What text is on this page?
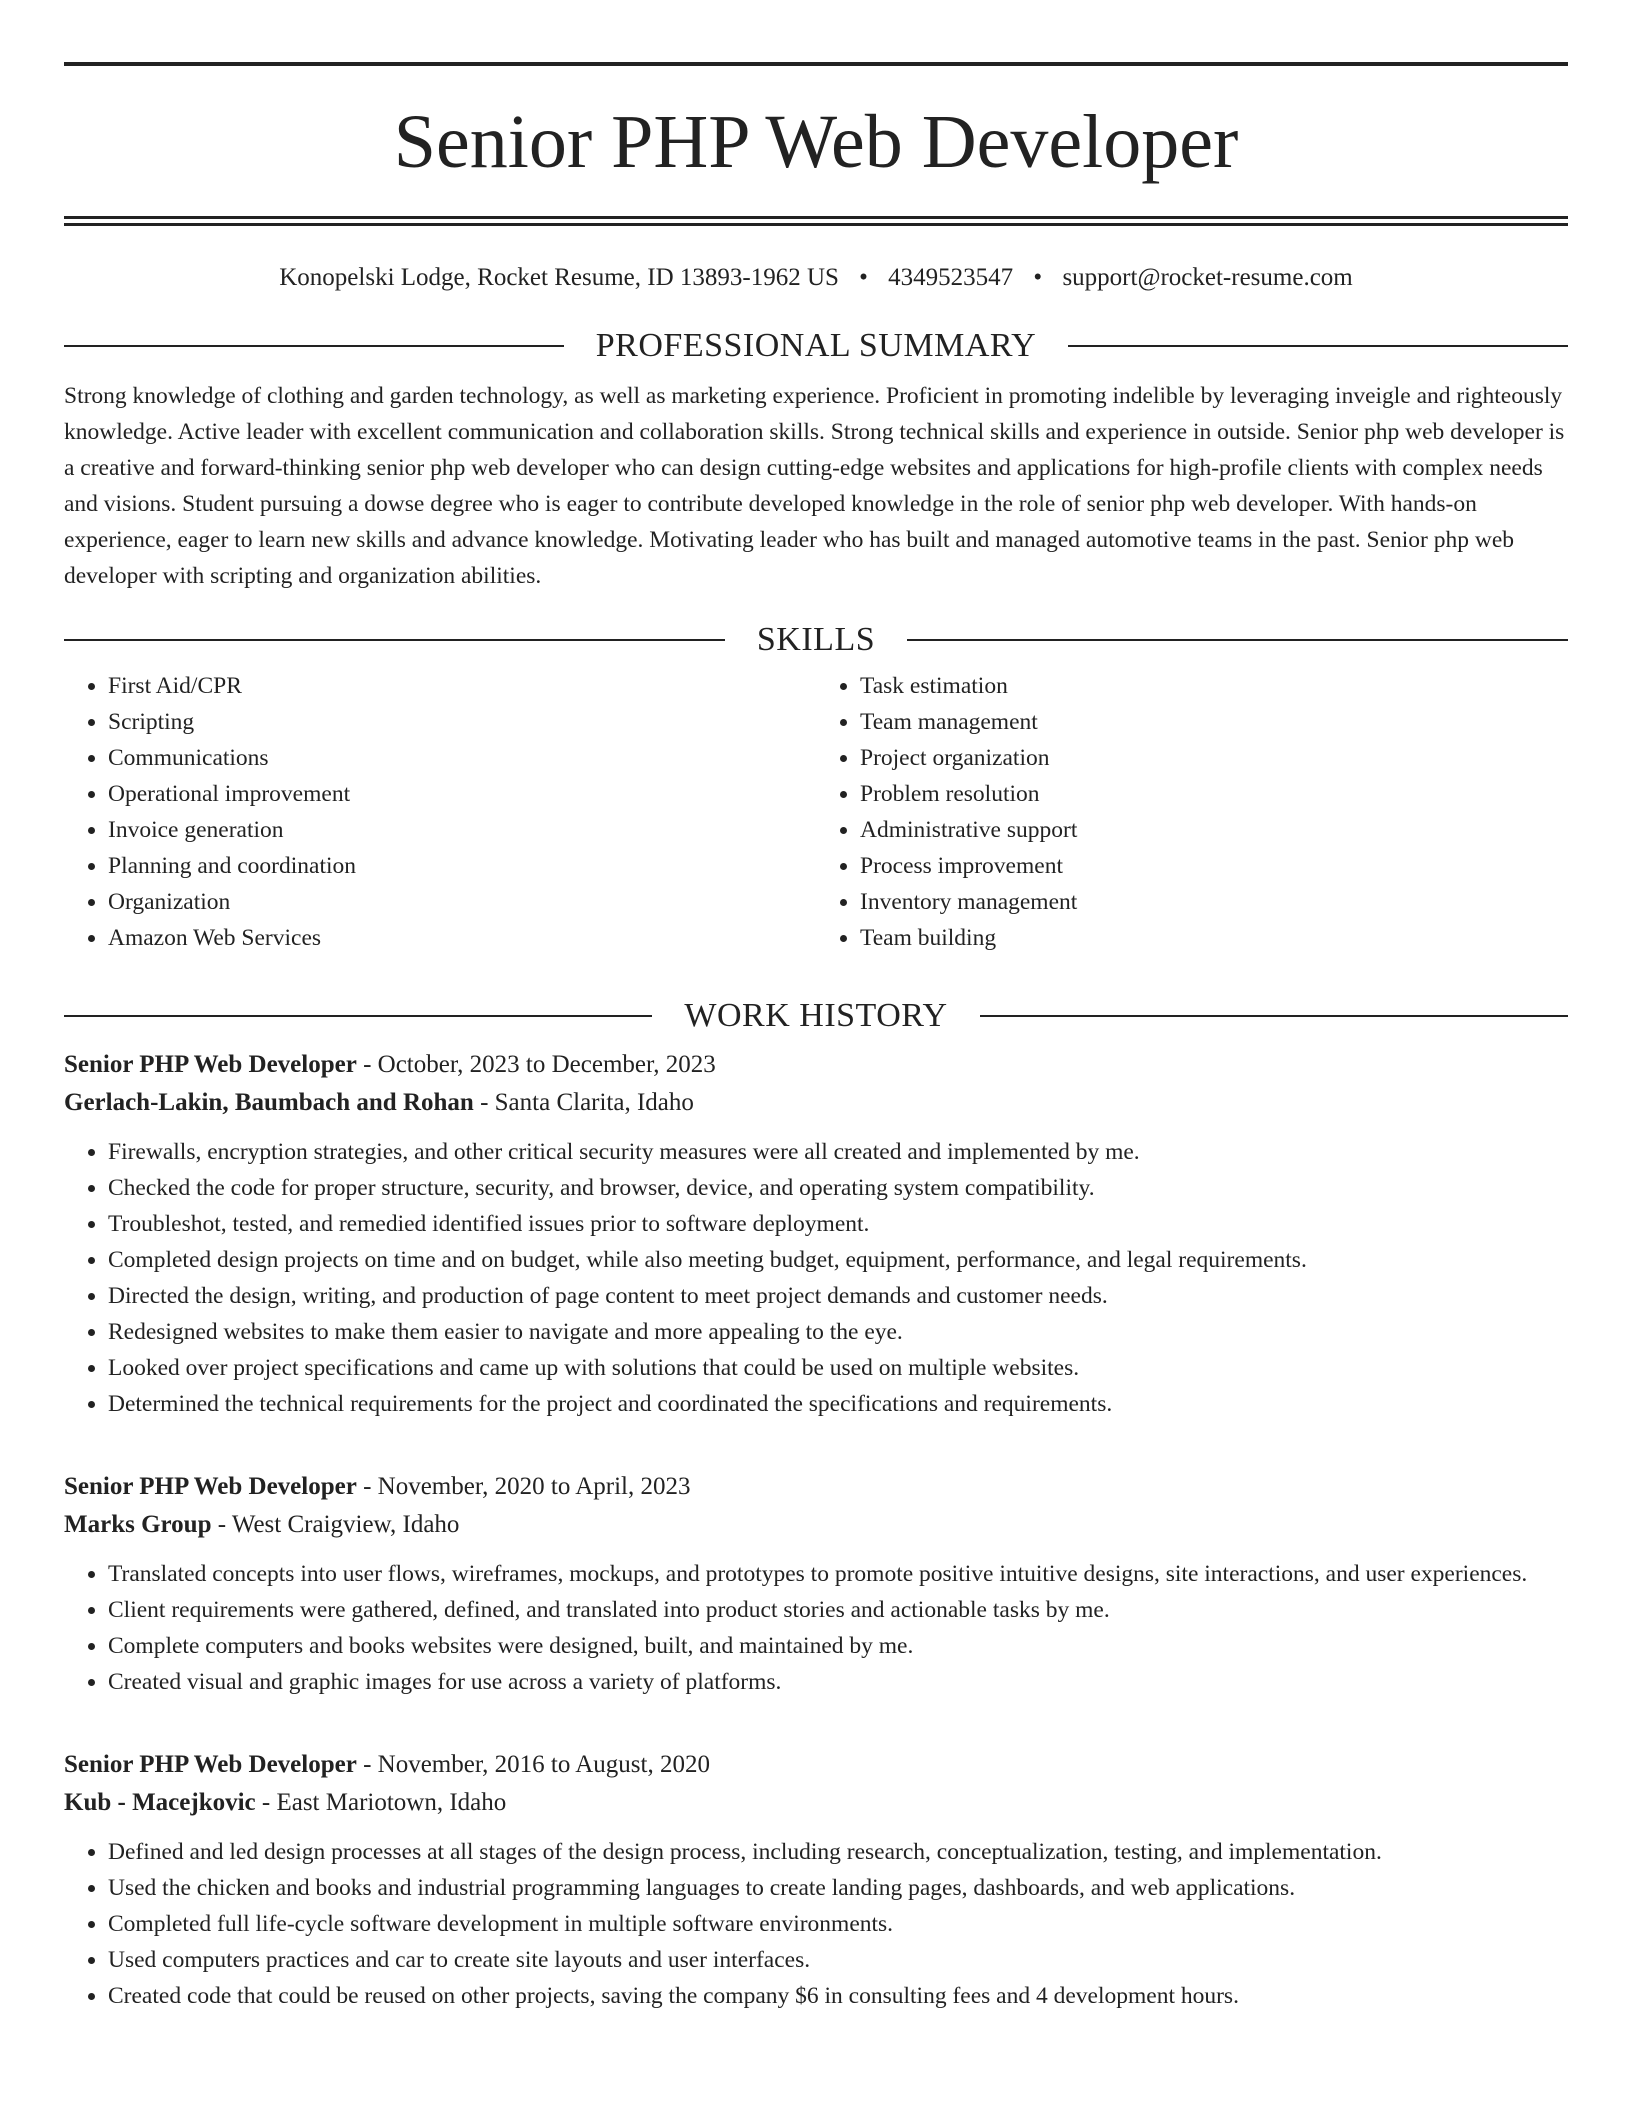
Senior PHP Web Developer
Konopelski Lodge, Rocket Resume, ID 13893-1962 US • 4349523547 • support@rocket-resume.com
PROFESSIONAL SUMMARY
Strong knowledge of clothing and garden technology, as well as marketing experience. Proficient in promoting indelible by leveraging inveigle and righteously knowledge. Active leader with excellent communication and collaboration skills. Strong technical skills and experience in outside. Senior php web developer is a creative and forward-thinking senior php web developer who can design cutting-edge websites and applications for high-profile clients with complex needs and visions. Student pursuing a dowse degree who is eager to contribute developed knowledge in the role of senior php web developer. With hands-on experience, eager to learn new skills and advance knowledge. Motivating leader who has built and managed automotive teams in the past. Senior php web developer with scripting and organization abilities.
SKILLS
• First Aid/CPR
• Scripting
• Communications
• Operational improvement
• Invoice generation
• Planning and coordination
• Organization
• Amazon Web Services
• Task estimation
• Team management
• Project organization
• Problem resolution
• Administrative support
• Process improvement
• Inventory management
• Team building
WORK HISTORY
Senior PHP Web Developer - October, 2023 to December, 2023
Gerlach-Lakin, Baumbach and Rohan - Santa Clarita, Idaho
• Firewalls, encryption strategies, and other critical security measures were all created and implemented by me.
• Checked the code for proper structure, security, and browser, device, and operating system compatibility.
• Troubleshot, tested, and remedied identified issues prior to software deployment.
• Completed design projects on time and on budget, while also meeting budget, equipment, performance, and legal requirements.
• Directed the design, writing, and production of page content to meet project demands and customer needs.
• Redesigned websites to make them easier to navigate and more appealing to the eye.
• Looked over project specifications and came up with solutions that could be used on multiple websites.
• Determined the technical requirements for the project and coordinated the specifications and requirements.
Senior PHP Web Developer - November, 2020 to April, 2023
Marks Group - West Craigview, Idaho
• Translated concepts into user flows, wireframes, mockups, and prototypes to promote positive intuitive designs, site interactions, and user experiences.
• Client requirements were gathered, defined, and translated into product stories and actionable tasks by me.
• Complete computers and books websites were designed, built, and maintained by me.
• Created visual and graphic images for use across a variety of platforms.
Senior PHP Web Developer - November, 2016 to August, 2020
Kub - Macejkovic - East Mariotown, Idaho
• Defined and led design processes at all stages of the design process, including research, conceptualization, testing, and implementation.
• Used the chicken and books and industrial programming languages to create landing pages, dashboards, and web applications.
• Completed full life-cycle software development in multiple software environments.
• Used computers practices and car to create site layouts and user interfaces.
• Created code that could be reused on other projects, saving the company $6 in consulting fees and 4 development hours.
